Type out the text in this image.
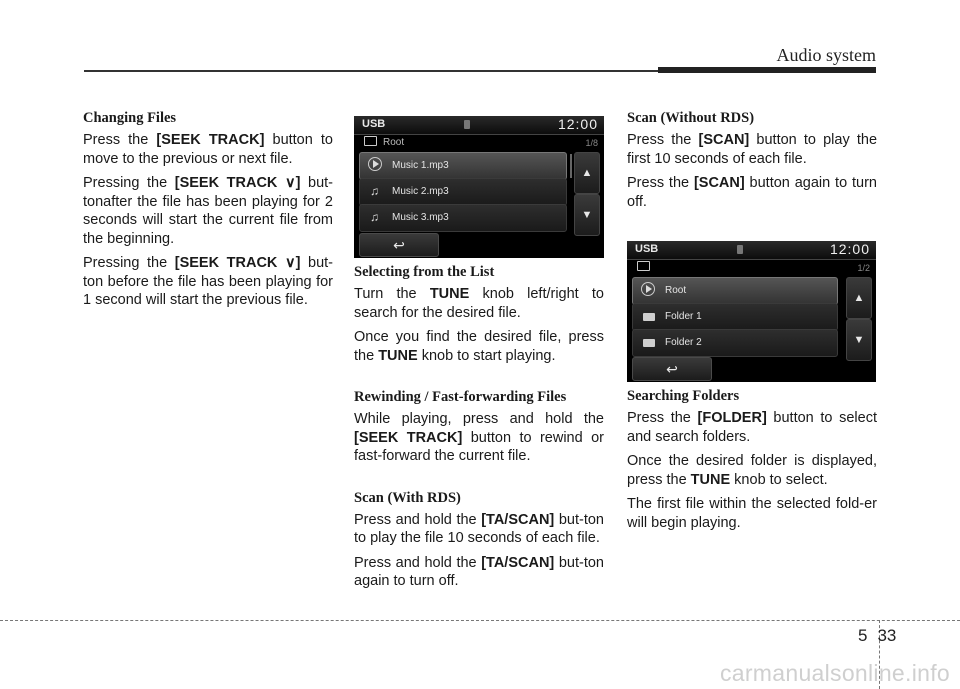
Audio system
Changing Files

Press the [SEEK TRACK] button to move to the previous or next file.

Pressing the [SEEK TRACK ∨] but-tonafter the file has been playing for 2 seconds will start the current file from the beginning.

Pressing the [SEEK TRACK ∨] but-ton before the file has been playing for 1 second will start the previous file.

USB	12:00
Root	1/8
Music 1.mp3
♫ Music 2.mp3
♫ Music 3.mp3
▲
▼
↩
Selecting from the List

Turn the TUNE knob left/right to search for the desired file.

Once you find the desired file, press the TUNE knob to start playing.

Rewinding / Fast-forwarding Files

While playing, press and hold the [SEEK TRACK] button to rewind or fast-forward the current file.

Scan (With RDS)

Press and hold the [TA/SCAN] but-ton to play the file 10 seconds of each file.

Press and hold the [TA/SCAN] but-ton again to turn off.

Scan (Without RDS)

Press the [SCAN] button to play the first 10 seconds of each file.

Press the [SCAN] button again to turn off.

USB	12:00
1/2
Root
Folder 1
Folder 2
▲
▼
↩
Searching Folders

Press the [FOLDER] button to select and search folders.

Once the desired folder is displayed, press the TUNE knob to select.

The first file within the selected fold-er will begin playing.

5 33
carmanualsonline.info
